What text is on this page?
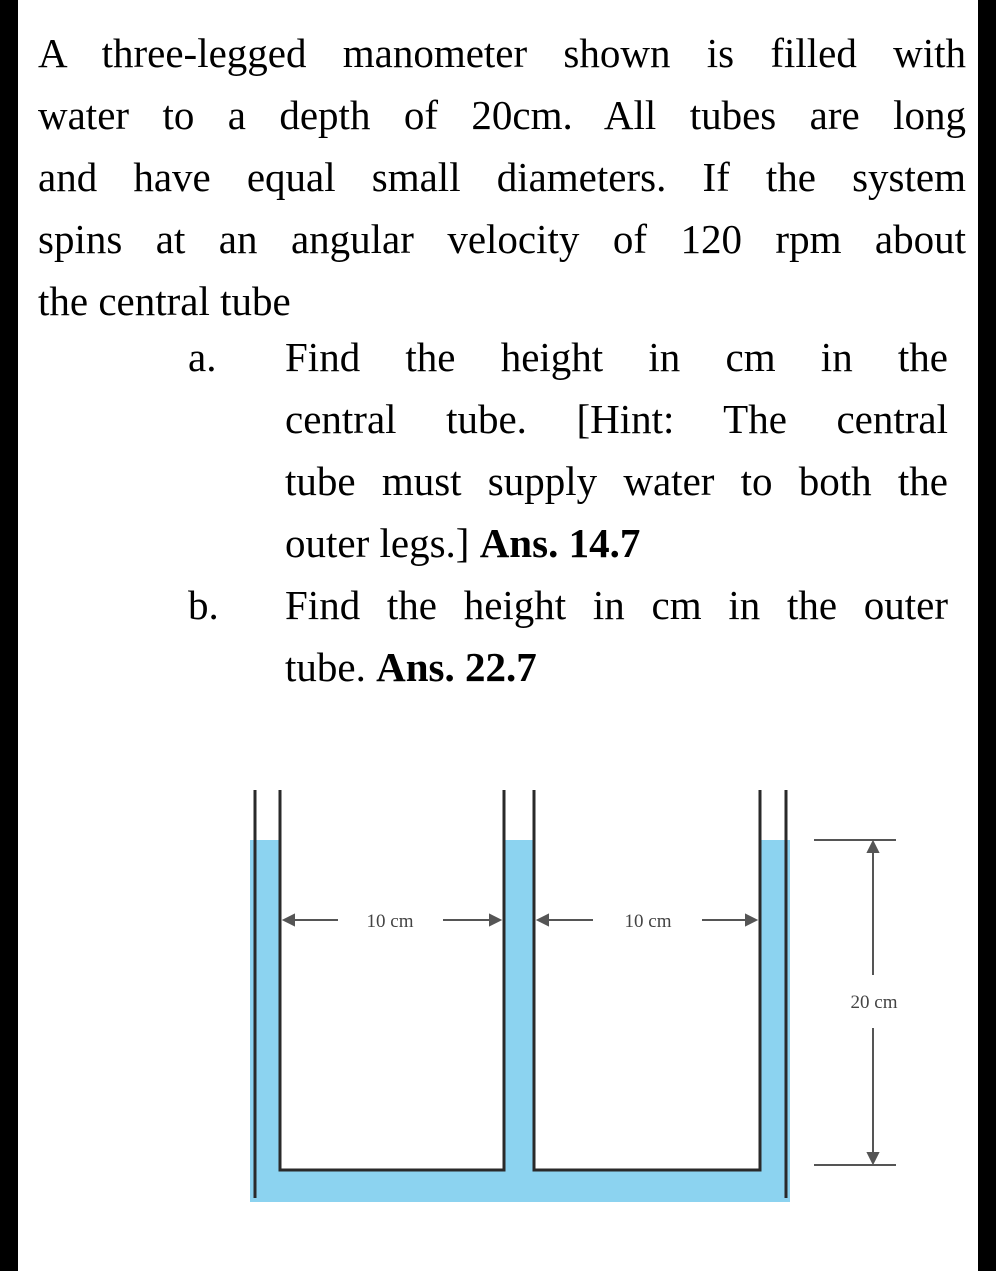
A three-legged manometer shown is filled with
water to a depth of 20cm. All tubes are long
and have equal small diameters. If the system
spins at an angular velocity of 120 rpm about
the central tube
a. Find the height in cm in the
central tube. [Hint: The central
tube must supply water to both the
outer legs.] Ans. 14.7
b. Find the height in cm in the outer
tube. Ans. 22.7
10 cm	10 cm
20 cm
